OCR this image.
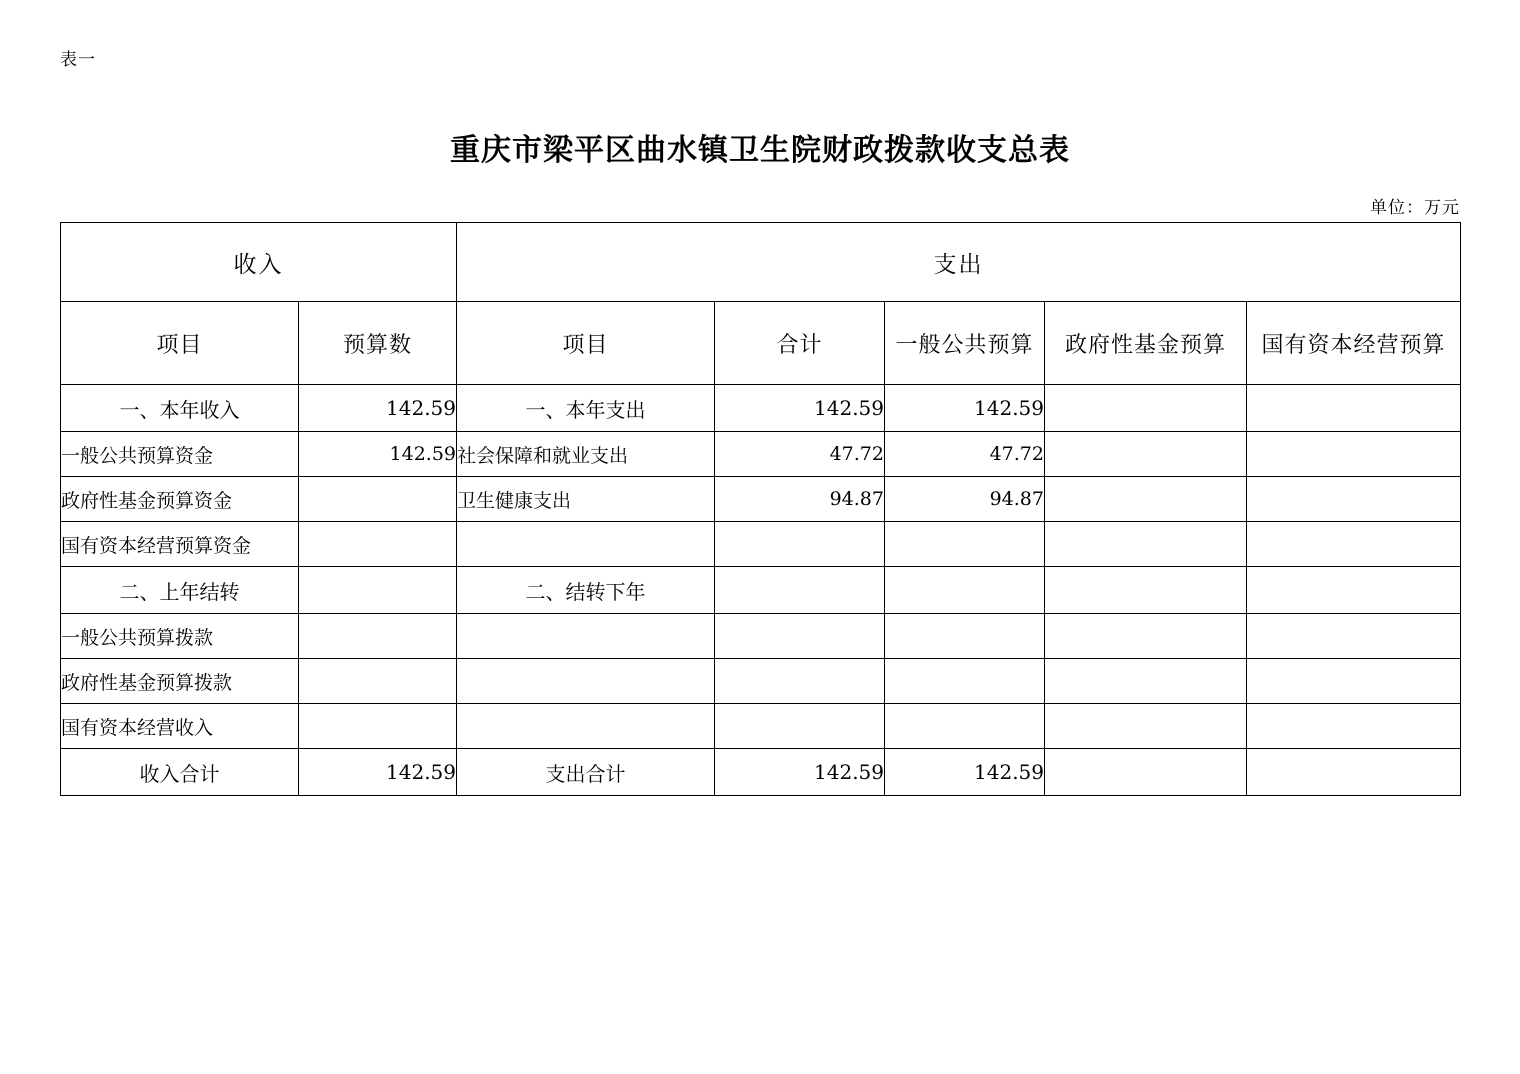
表一
重庆市梁平区曲水镇卫生院财政拨款收支总表
单位：万元
收入		支出				
项目	预算数	项目	合计	一般公共预算	政府性基金预算	国有资本经营预算
一、本年收入	142.59	一、本年支出	142.59	142.59		
一般公共预算资金	142.59	社会保障和就业支出	47.72	47.72		
政府性基金预算资金		卫生健康支出	94.87	94.87		
国有资本经营预算资金						
二、上年结转		二、结转下年				
一般公共预算拨款						
政府性基金预算拨款						
国有资本经营收入						
收入合计	142.59	支出合计	142.59	142.59		
